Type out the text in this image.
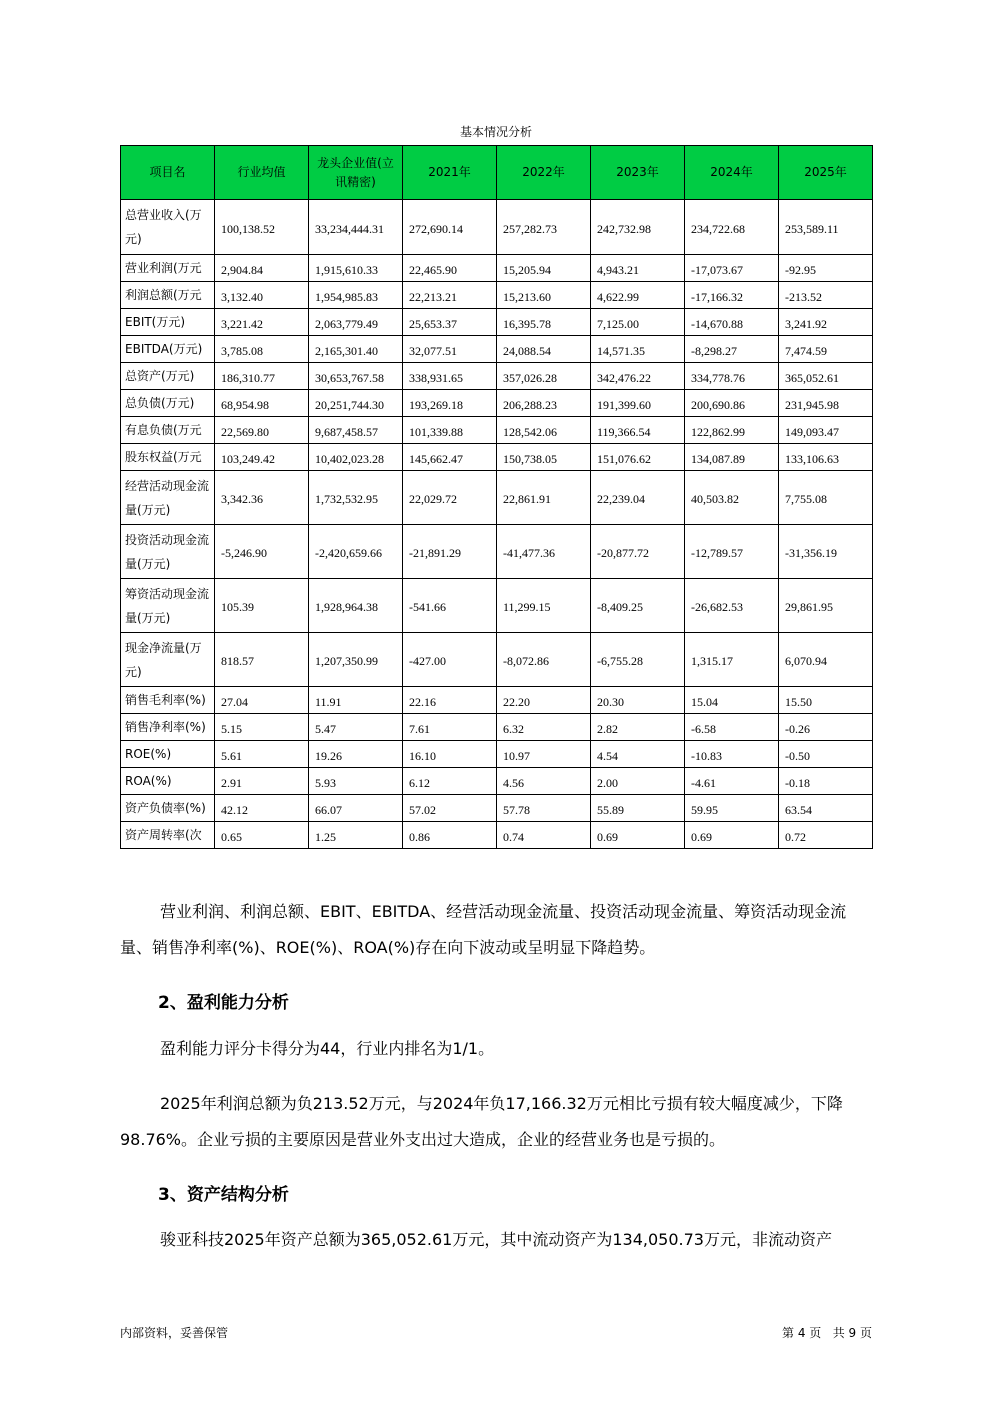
基本情况分析
项目名	行业均值	龙头企业值(立讯精密)	2021年	2022年	2023年	2024年	2025年
总营业收入(万元)	100,138.52	33,234,444.31	272,690.14	257,282.73	242,732.98	234,722.68	253,589.11
营业利润(万元	2,904.84	1,915,610.33	22,465.90	15,205.94	4,943.21	-17,073.67	-92.95
利润总额(万元	3,132.40	1,954,985.83	22,213.21	15,213.60	4,622.99	-17,166.32	-213.52
EBIT(万元)	3,221.42	2,063,779.49	25,653.37	16,395.78	7,125.00	-14,670.88	3,241.92
EBITDA(万元)	3,785.08	2,165,301.40	32,077.51	24,088.54	14,571.35	-8,298.27	7,474.59
总资产(万元)	186,310.77	30,653,767.58	338,931.65	357,026.28	342,476.22	334,778.76	365,052.61
总负债(万元)	68,954.98	20,251,744.30	193,269.18	206,288.23	191,399.60	200,690.86	231,945.98
有息负债(万元	22,569.80	9,687,458.57	101,339.88	128,542.06	119,366.54	122,862.99	149,093.47
股东权益(万元	103,249.42	10,402,023.28	145,662.47	150,738.05	151,076.62	134,087.89	133,106.63
经营活动现金流量(万元)	3,342.36	1,732,532.95	22,029.72	22,861.91	22,239.04	40,503.82	7,755.08
投资活动现金流量(万元)	-5,246.90	-2,420,659.66	-21,891.29	-41,477.36	-20,877.72	-12,789.57	-31,356.19
筹资活动现金流量(万元)	105.39	1,928,964.38	-541.66	11,299.15	-8,409.25	-26,682.53	29,861.95
现金净流量(万元)	818.57	1,207,350.99	-427.00	-8,072.86	-6,755.28	1,315.17	6,070.94
销售毛利率(%)	27.04	11.91	22.16	22.20	20.30	15.04	15.50
销售净利率(%)	5.15	5.47	7.61	6.32	2.82	-6.58	-0.26
ROE(%)	5.61	19.26	16.10	10.97	4.54	-10.83	-0.50
ROA(%)	2.91	5.93	6.12	4.56	2.00	-4.61	-0.18
资产负债率(%)	42.12	66.07	57.02	57.78	55.89	59.95	63.54
资产周转率(次	0.65	1.25	0.86	0.74	0.69	0.69	0.72
营业利润、利润总额、EBIT、EBITDA、经营活动现金流量、投资活动现金流量、筹资活动现金流量、销售净利率(%)、ROE(%)、ROA(%)存在向下波动或呈明显下降趋势。
2、盈利能力分析
盈利能力评分卡得分为44，行业内排名为1/1。
2025年利润总额为负213.52万元，与2024年负17,166.32万元相比亏损有较大幅度减少，下降98.76%。企业亏损的主要原因是营业外支出过大造成，企业的经营业务也是亏损的。
3、资产结构分析
骏亚科技2025年资产总额为365,052.61万元，其中流动资产为134,050.73万元，非流动资产
内部资料，妥善保管	第 4 页   共 9 页
